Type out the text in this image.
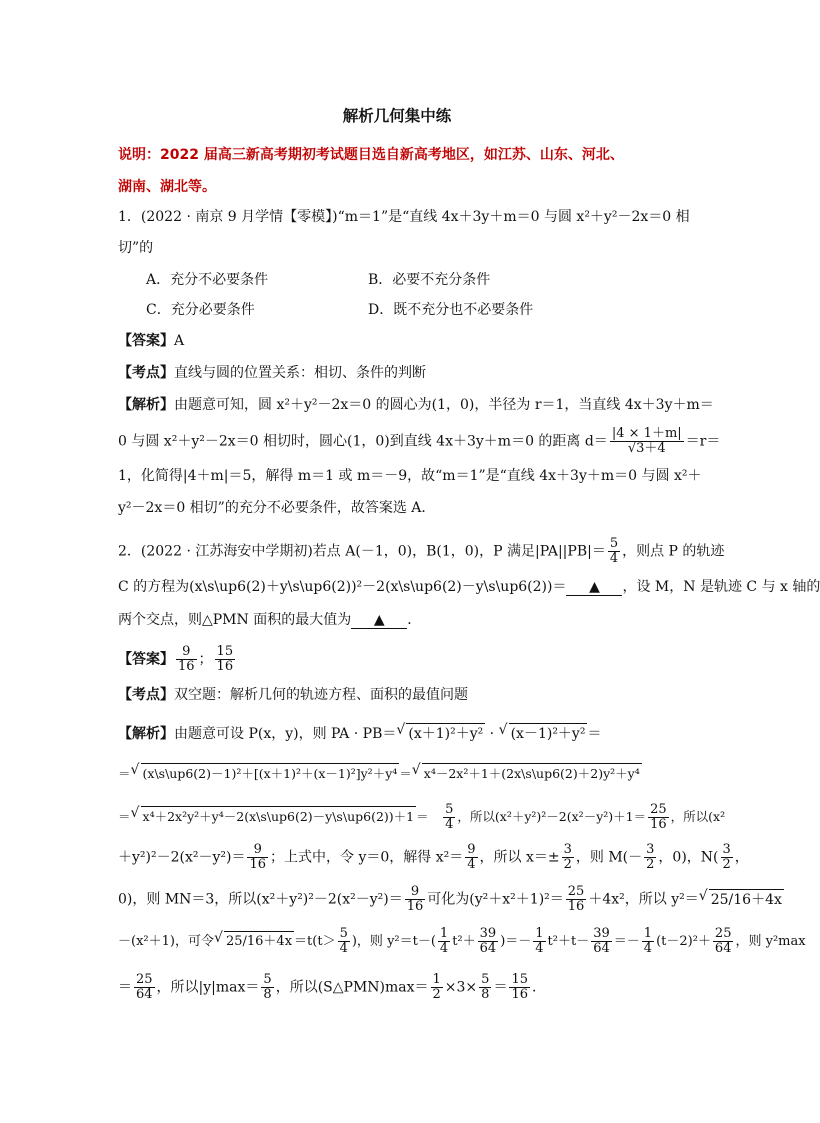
解析几何集中练
说明：2022 届高三新高考期初考试题目选自新高考地区，如江苏、山东、河北、
湖南、湖北等。
1．(2022 · 南京 9 月学情【零模】)“m＝1”是“直线 4x＋3y＋m＝0 与圆 x²＋y²－2x＝0 相
切”的
A．充分不必要条件	B．必要不充分条件
C．充分必要条件	D．既不充分也不必要条件
【答案】A
【考点】直线与圆的位置关系：相切、条件的判断
【解析】由题意可知，圆 x²＋y²－2x＝0 的圆心为(1，0)，半径为 r＝1，当直线 4x＋3y＋m＝
0 与圆 x²＋y²－2x＝0 相切时，圆心(1，0)到直线 4x＋3y＋m＝0 的距离 $d= \frac{|4 \times 1+m|}{√3+4} =r=$
1，化简得|4＋m|＝5，解得 m＝1 或 m＝－9，故“m＝1”是“直线 4x＋3y＋m＝0 与圆 x²＋
y²－2x＝0 相切”的充分不必要条件，故答案选 A．
2．(2022 · 江苏海安中学期初)若点 A(－1，0)，B(1，0)，P 满足$|PA||PB|= \frac{5}{4}$ ，则点 P 的轨迹
C 的方程为(x\s\up6(2)＋y\s\up6(2))²－2(x\s\up6(2)－y\s\up6(2))＝ ▲ ，设 M，N 是轨迹 C 与 x 轴的
两个交点，则△PMN 面积的最大值为 ▲ ．
【答案】 $\frac{9}{16}$ ； $\frac{15}{16}$
【考点】双空题：解析几何的轨迹方程、面积的最值问题
【解析】由题意可设 P(x，y)，则 PA · PB＝ √ (x＋1)²＋y² · √ (x－1)²＋y² ＝
＝ √ (x\s\up6(2)－1)²＋[(x＋1)²＋(x－1)²]y²＋y⁴ ＝ √ x⁴－2x²＋1＋(2x\s\up6(2)＋2)y²＋y⁴
＝ √ x⁴＋2x²y²＋y⁴－2(x\s\up6(2)－y\s\up6(2))＋1 ＝　 $\frac{5}{4}$ ，所以$(x^2+y^2)^2-2(x^2-y^2)+1= \frac{25}{16}$ ，所以(x²
$+y^2)^2-2(x^2-y^2)= \frac{9}{16}$ ；上式中，令 y＝0，解得 $x^2= \frac{9}{4}$ ，所以 $x=\pm \frac{3}{2}$ ，则 $M(- \frac{3}{2}$ ，0)，$N( \frac{3}{2}$ ，
0)，则 MN＝3，所以$(x^2+y^2)^2-2(x^2-y^2)= \frac{9}{16}$ 可化为$(y^2+x^2+1)^2= \frac{25}{16} +4x^2$，所以 y²＝ √ 25/16＋4x
－(x²＋1)，可令 √ $25/16+4x =t(t> \frac{5}{4}$ )，则 $y^2=t-( \frac{1}{4} t^2+ \frac{39}{64}$ )＝－ $\frac{1}{4} t^2+t- \frac{39}{64} =- \frac{1}{4} (t-2)^2+ \frac{25}{64}$ ，则 y²max
＝ $\frac{25}{64}$ ，所以$|y|\max= \frac{5}{8}$ ，所以(S△PMN)max＝ $\frac{1}{2} \times 3\times \frac{5}{8} = \frac{15}{16}$ ．
